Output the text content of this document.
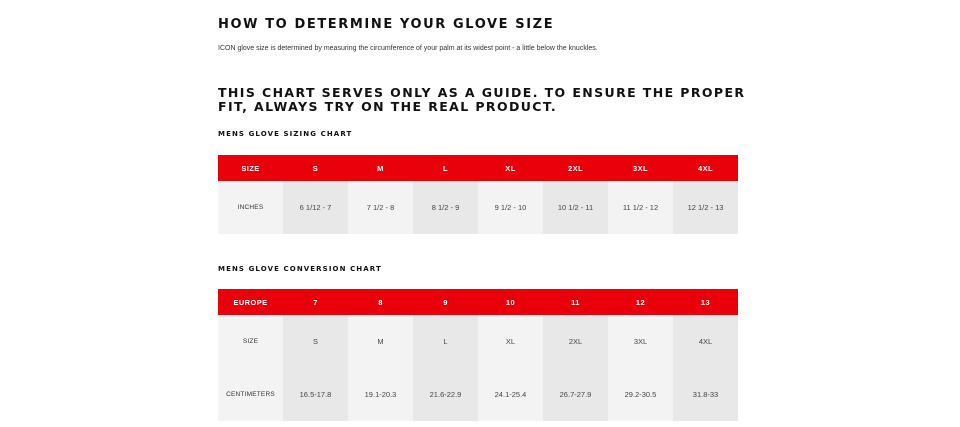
HOW TO DETERMINE YOUR GLOVE SIZE

ICON glove size is determined by measuring the circumference of your palm at its widest point - a little below the knuckles.

THIS CHART SERVES ONLY AS A GUIDE. TO ENSURE THE PROPER FIT, ALWAYS TRY ON THE REAL PRODUCT.
MENS GLOVE SIZING CHART
SIZE	S	M	L	XL	2XL	3XL	4XL
INCHES	6 1/12 - 7	7 1/2 - 8	8 1/2 - 9	9 1/2 - 10	10 1/2 - 11	11 1/2 - 12	12 1/2 - 13
MENS GLOVE CONVERSION CHART
EUROPE	7	8	9	10	11	12	13
SIZE	S	M	L	XL	2XL	3XL	4XL
CENTIMETERS	16.5-17.8	19.1-20.3	21.6-22.9	24.1-25.4	26.7-27.9	29.2-30.5	31.8-33
